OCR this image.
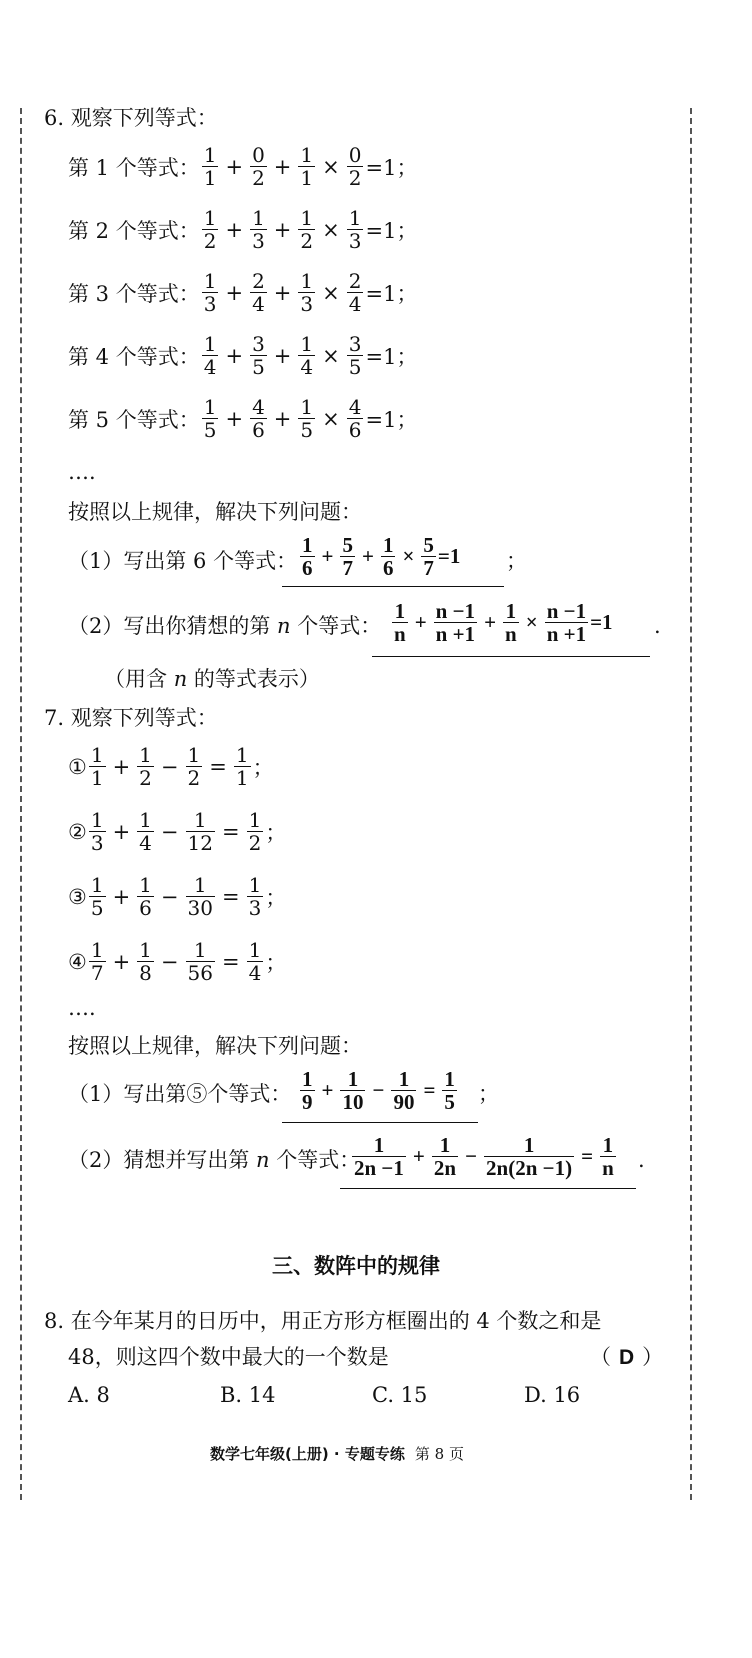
6. 观察下列等式：
第 1 个等式： $\frac{1}{1} + \frac{0}{2} + \frac{1}{1} \times \frac{0}{2} =1$；
第 2 个等式： $\frac{1}{2} + \frac{1}{3} + \frac{1}{2} \times \frac{1}{3} =1$；
第 3 个等式： $\frac{1}{3} + \frac{2}{4} + \frac{1}{3} \times \frac{2}{4} =1$；
第 4 个等式： $\frac{1}{4} + \frac{3}{5} + \frac{1}{4} \times \frac{3}{5} =1$；
第 5 个等式： $\frac{1}{5} + \frac{4}{6} + \frac{1}{5} \times \frac{4}{6} =1$；
….
按照以上规律，解决下列问题：
（1）写出第 6 个等式： $\frac{1}{6} + \frac{5}{7} + \frac{1}{6} \times \frac{5}{7} =1$ ；
（2）写出你猜想的第 n 个等式： $\frac{1}{n} + \frac{n -1}{n +1} + \frac{1}{n} \times \frac{n -1}{n +1} =1$ .
（用含 n 的等式表示）
7. 观察下列等式：
① $\frac{1}{1} + \frac{1}{2} - \frac{1}{2} = \frac{1}{1}$ ；
② $\frac{1}{3} + \frac{1}{4} - \frac{1}{12} = \frac{1}{2}$ ；
③ $\frac{1}{5} + \frac{1}{6} - \frac{1}{30} = \frac{1}{3}$ ；
④ $\frac{1}{7} + \frac{1}{8} - \frac{1}{56} = \frac{1}{4}$ ；
….
按照以上规律，解决下列问题：
（1）写出第⑤个等式： $\frac{1}{9} + \frac{1}{10} - \frac{1}{90} = \frac{1}{5}$ ；
（2）猜想并写出第 n 个等式：
$\frac{1}{2n -1} + \frac{1}{2n} - \frac{1}{2n(2n -1)} = \frac{1}{n}$ .
三、数阵中的规律
8. 在今年某月的日历中，用正方形方框圈出的 4 个数之和是
48，则这四个数中最大的一个数是	（ D ）
A. 8	B. 14	C. 15	D. 16
数学七年级(上册) · 专题专练 第 8 页
